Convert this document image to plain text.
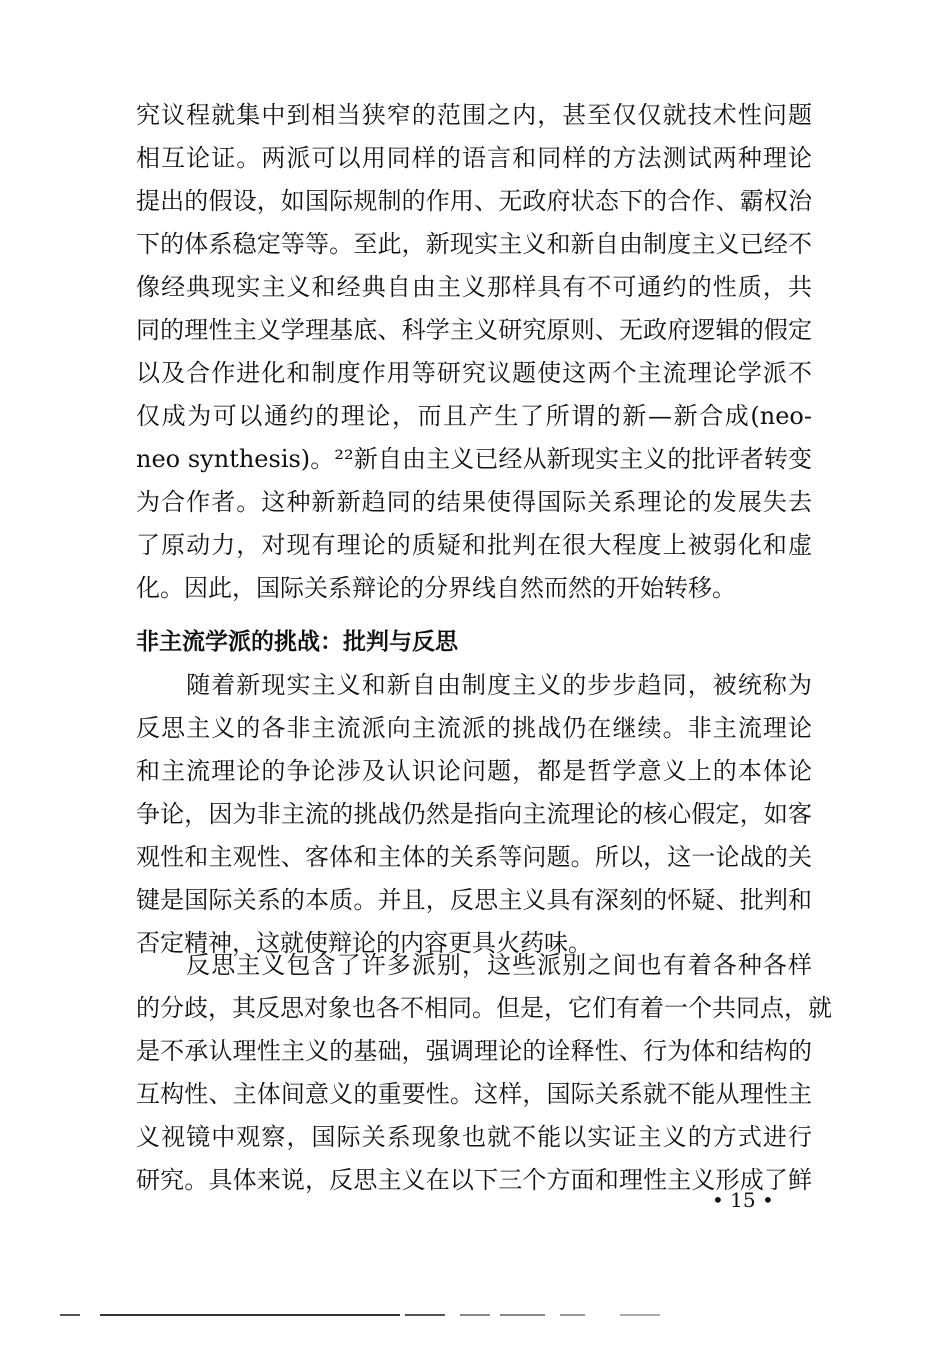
究议程就集中到相当狭窄的范围之内，甚至仅仅就技术性问题
相互论证。两派可以用同样的语言和同样的方法测试两种理论
提出的假设，如国际规制的作用、无政府状态下的合作、霸权治
下的体系稳定等等。至此，新现实主义和新自由制度主义已经不
像经典现实主义和经典自由主义那样具有不可通约的性质，共
同的理性主义学理基底、科学主义研究原则、无政府逻辑的假定
以及合作进化和制度作用等研究议题使这两个主流理论学派不
仅成为可以通约的理论，而且产生了所谓的新—新合成(neo-
neo synthesis)。²²新自由主义已经从新现实主义的批评者转变
为合作者。这种新新趋同的结果使得国际关系理论的发展失去
了原动力，对现有理论的质疑和批判在很大程度上被弱化和虚
化。因此，国际关系辩论的分界线自然而然的开始转移。
非主流学派的挑战：批判与反思
　　随着新现实主义和新自由制度主义的步步趋同，被统称为
反思主义的各非主流派向主流派的挑战仍在继续。非主流理论
和主流理论的争论涉及认识论问题，都是哲学意义上的本体论
争论，因为非主流的挑战仍然是指向主流理论的核心假定，如客
观性和主观性、客体和主体的关系等问题。所以，这一论战的关
键是国际关系的本质。并且，反思主义具有深刻的怀疑、批判和
否定精神，这就使辩论的内容更具火药味。
　　反思主义包含了许多派别，这些派别之间也有着各种各样
的分歧，其反思对象也各不相同。但是，它们有着一个共同点，就
是不承认理性主义的基础，强调理论的诠释性、行为体和结构的
互构性、主体间意义的重要性。这样，国际关系就不能从理性主
义视镜中观察，国际关系现象也就不能以实证主义的方式进行
研究。具体来说，反思主义在以下三个方面和理性主义形成了鲜
• 15 •
